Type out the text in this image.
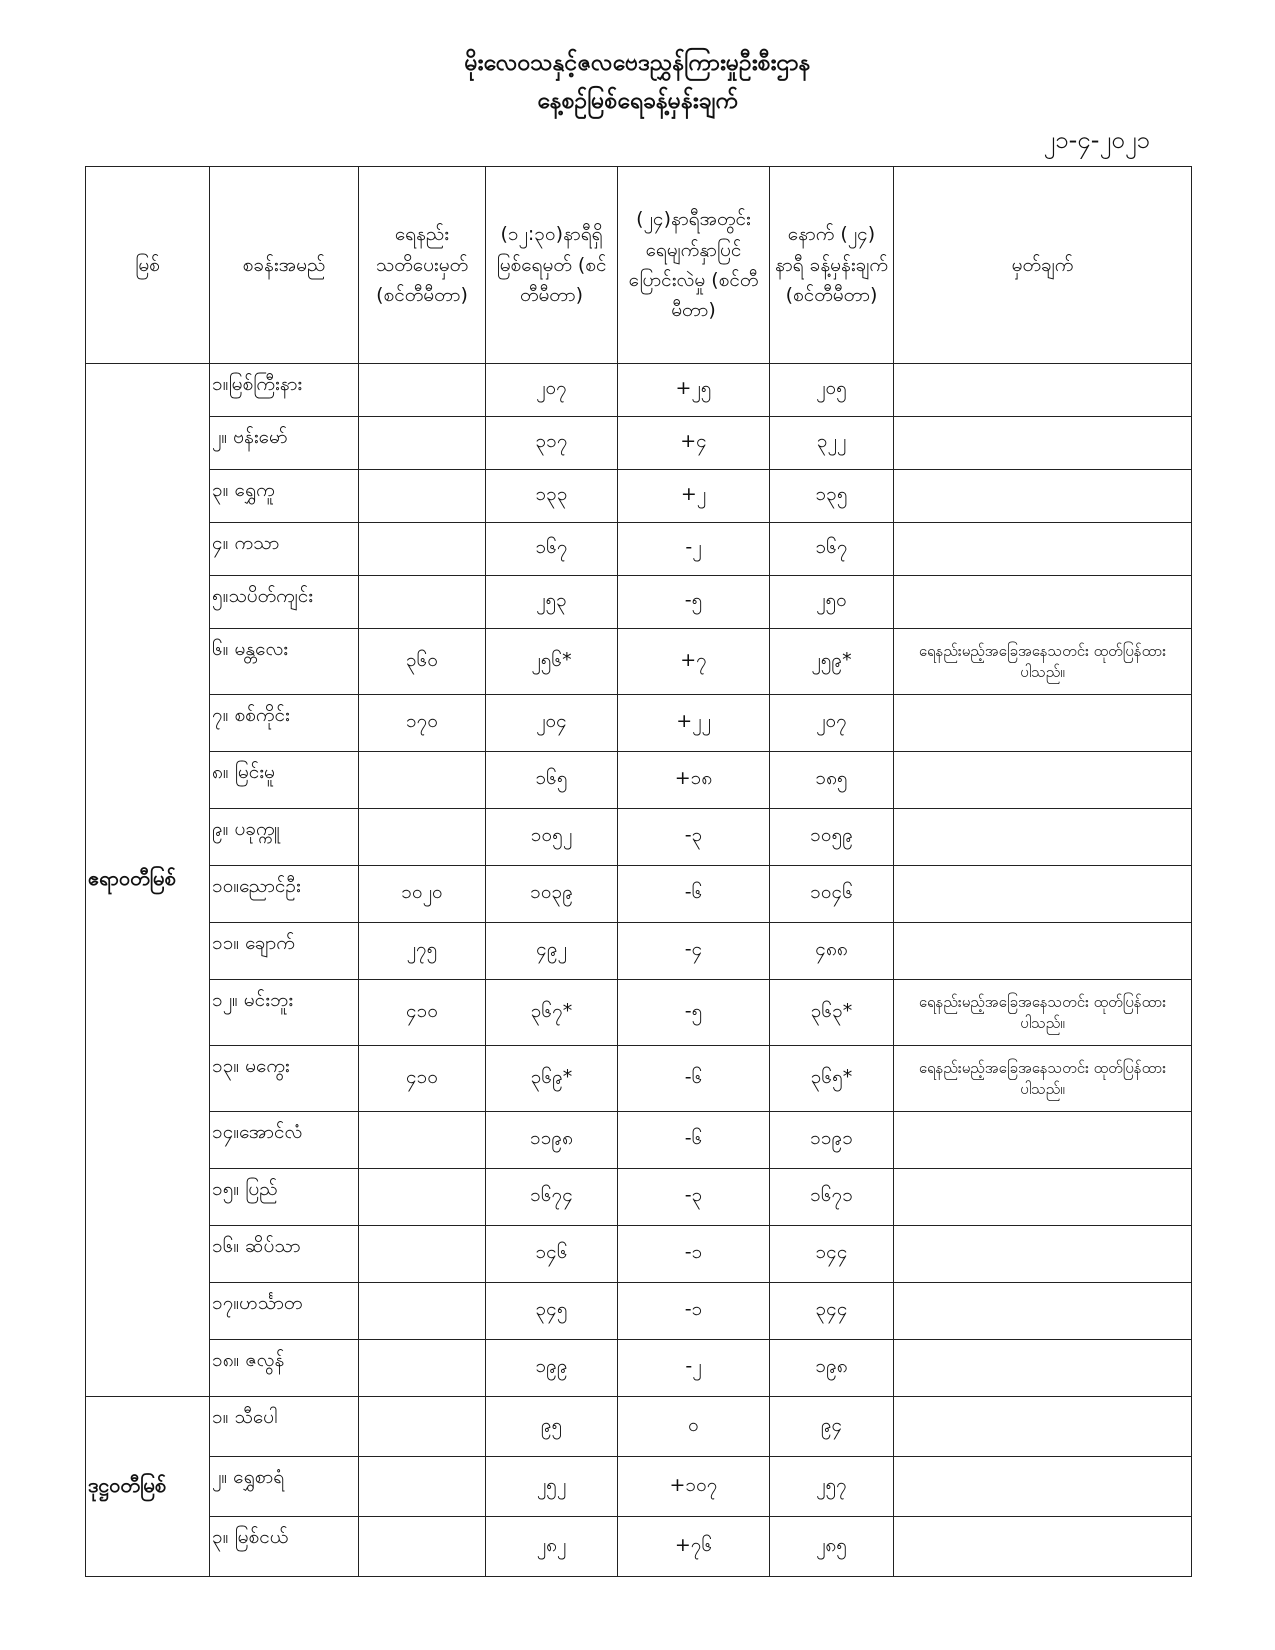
မိုးလေဝသနှင့်ဇလဗေဒညွှန်ကြားမှုဦးစီးဌာန
နေ့စဉ်မြစ်ရေခန့်မှန်းချက်
၂၁-၄-၂၀၂၁
မြစ်	စခန်းအမည်	ရေနည်း သတိပေးမှတ် (စင်တီမီတာ)	(၁၂:၃၀)နာရီရှိ မြစ်ရေမှတ် (စင်တီမီတာ)	(၂၄)နာရီအတွင်း ရေမျက်နှာပြင် ပြောင်းလဲမှု (စင်တီမီတာ)	နောက် (၂၄) နာရီ ခန့်မှန်းချက် (စင်တီမီတာ)	မှတ်ချက်
ဧရာဝတီမြစ်	၁။မြစ်ကြီးနား		၂၀၇	+၂၅	၂၀၅	
	၂။ ဗန်းမော်		၃၁၇	+၄	၃၂၂	
	၃။ ရွှေကူ		၁၃၃	+၂	၁၃၅	
	၄။ ကသာ		၁၆၇	-၂	၁၆၇	
	၅။သပိတ်ကျင်း		၂၅၃	-၅	၂၅၀	
	၆။ မန္တလေး	၃၆၀	၂၅၆*	+၇	၂၅၉*	ရေနည်းမည့်အခြေအနေသတင်း ထုတ်ပြန်ထားပါသည်။
	၇။ စစ်ကိုင်း	၁၇၀	၂၀၄	+၂၂	၂၀၇	
	၈။ မြင်းမူ		၁၆၅	+၁၈	၁၈၅	
	၉။ ပခုက္ကူ		၁၀၅၂	-၃	၁၀၅၉	
	၁၀။ညောင်ဦး	၁၀၂၀	၁၀၃၉	-၆	၁၀၄၆	
	၁၁။ ချောက်	၂၇၅	၄၉၂	-၄	၄၈၈	
	၁၂။ မင်းဘူး	၄၁၀	၃၆၇*	-၅	၃၆၃*	ရေနည်းမည့်အခြေအနေသတင်း ထုတ်ပြန်ထားပါသည်။
	၁၃။ မကွေး	၄၁၀	၃၆၉*	-၆	၃၆၅*	ရေနည်းမည့်အခြေအနေသတင်း ထုတ်ပြန်ထားပါသည်။
	၁၄။အောင်လံ		၁၁၉၈	-၆	၁၁၉၁	
	၁၅။ ပြည်		၁၆၇၄	-၃	၁၆၇၁	
	၁၆။ ဆိပ်သာ		၁၄၆	-၁	၁၄၄	
	၁၇။ဟင်္သာတ		၃၄၅	-၁	၃၄၄	
	၁၈။ ဇလွန်		၁၉၉	-၂	၁၉၈	
ဒုဋ္ဌဝတီမြစ်	၁။ သီပေါ		၉၅	၀	၉၄	
	၂။ ရွှေစာရံ		၂၅၂	+၁၀၇	၂၅၇	
	၃။ မြစ်ငယ်		၂၈၂	+၇၆	၂၈၅	
